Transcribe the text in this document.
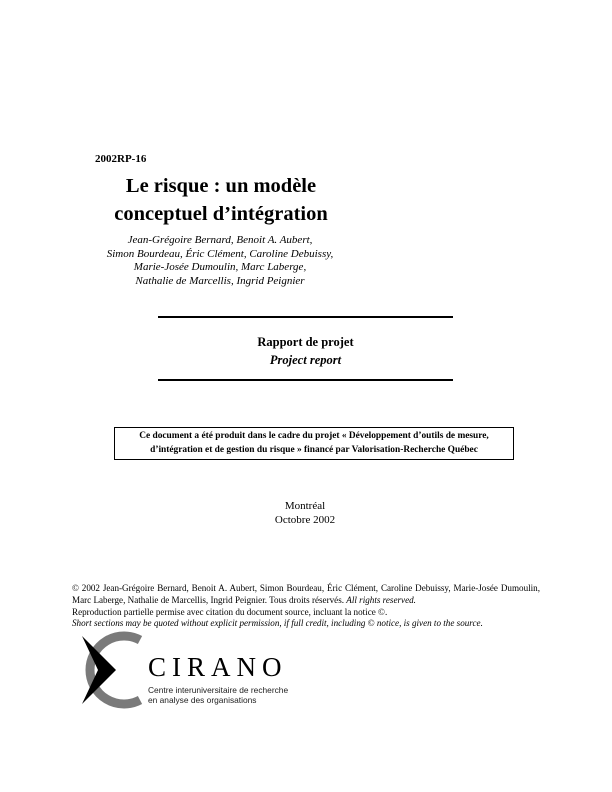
2002RP-16
Le risque : un modèle
conceptuel d’intégration
Jean-Grégoire Bernard, Benoit A. Aubert,
Simon Bourdeau, Éric Clément, Caroline Debuissy,
Marie-Josée Dumoulin, Marc Laberge,
Nathalie de Marcellis, Ingrid Peignier
Rapport de projet
Project report
Ce document a été produit dans le cadre du projet « Développement d’outils de mesure,
d’intégration et de gestion du risque » financé par Valorisation-Recherche Québec
Montréal
Octobre 2002

© 2002 Jean-Grégoire Bernard, Benoit A. Aubert, Simon Bourdeau, Éric Clément, Caroline Debuissy, Marie-Josée Dumoulin, Marc Laberge, Nathalie de Marcellis, Ingrid Peignier. Tous droits réservés. All rights reserved.

Reproduction partielle permise avec citation du document source, incluant la notice ©.

Short sections may be quoted without explicit permission, if full credit, including © notice, is given to the source.

CIRANO
Centre interuniversitaire de recherche
en analyse des organisations
